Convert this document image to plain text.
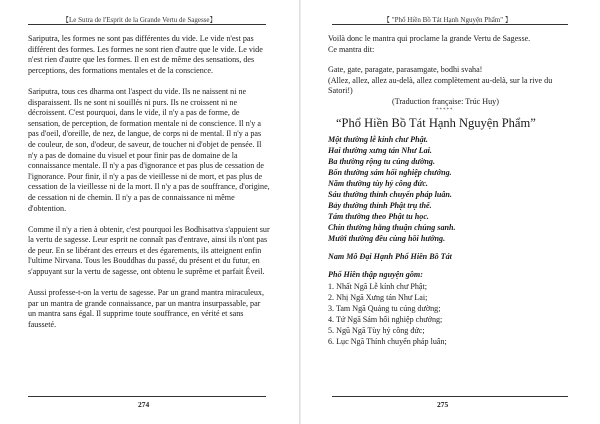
【Le Sutra de l'Esprit de la Grande Vertu de Sagesse】

Sariputra, les formes ne sont pas différentes du vide. Le vide n'est pas différent des formes. Les formes ne sont rien d'autre que le vide. Le vide n'est rien d'autre que les formes. Il en est de même des sensations, des perceptions, des formations mentales et de la conscience.

Sariputra, tous ces dharma ont l'aspect du vide. Ils ne naissent ni ne disparaissent. Ils ne sont ni souillés ni purs. Ils ne croissent ni ne décroissent. C'est pourquoi, dans le vide, il n'y a pas de forme, de sensation, de perception, de formation mentale ni de conscience. Il n'y a pas d'oeil, d'oreille, de nez, de langue, de corps ni de mental. Il n'y a pas de couleur, de son, d'odeur, de saveur, de toucher ni d'objet de pensée. Il n'y a pas de domaine du visuel et pour finir pas de domaine de la connaissance mentale. Il n'y a pas d'ignorance et pas plus de cessation de l'ignorance. Pour finir, il n'y a pas de vieillesse ni de mort, et pas plus de cessation de la vieillesse ni de la mort. Il n'y a pas de souffrance, d'origine, de cessation ni de chemin. Il n'y a pas de connaissance ni même d'obtention.

Comme il n'y a rien à obtenir, c'est pourquoi les Bodhisattva s'appuient sur la vertu de sagesse. Leur esprit ne connaît pas d'entrave, ainsi ils n'ont pas de peur. En se libérant des erreurs et des égarements, ils atteignent enfin l'ultime Nirvana. Tous les Bouddhas du passé, du présent et du futur, en s'appuyant sur la vertu de sagesse, ont obtenu le suprême et parfait Éveil.

Aussi professe-t-on la vertu de sagesse. Par un grand mantra miraculeux, par un mantra de grande connaissance, par un mantra insurpassable, par un mantra sans égal. Il supprime toute souffrance, en vérité et sans fausseté.

274
【 "Phổ Hiền Bồ Tát Hạnh Nguyện Phẩm" 】
Voilà donc le mantra qui proclame la grande Vertu de Sagesse.
Ce mantra dit:
Gate, gate, paragate, parasamgate, bodhi svaha!
(Allez, allez, allez au-delà, allez complètement au-delà, sur la rive du Satori!)
(Traduction française: Trúc Huy)
*****
“Phổ Hiền Bồ Tát Hạnh Nguyện Phẩm”
Một thường lễ kính chư Phật.
Hai thường xưng tán Như Lai.
Ba thường rộng tu cúng dường.
Bốn thường sám hối nghiệp chướng.
Năm thường tùy hỷ công đức.
Sáu thường thỉnh chuyển pháp luân.
Bảy thường thỉnh Phật trụ thế.
Tám thường theo Phật tu học.
Chín thường hằng thuận chúng sanh.
Mười thường đều cùng hồi hướng.
Nam Mô Đại Hạnh Phổ Hiền Bồ Tát
Phổ Hiền thập nguyện gồm:
1. Nhất Ngã Lễ kính chư Phật;
2. Nhị Ngã Xưng tán Như Lai;
3. Tam Ngã Quảng tu cúng dường;
4. Tứ Ngã Sám hối nghiệp chướng;
5. Ngũ Ngã Tùy hỷ công đức;
6. Lục Ngã Thỉnh chuyển pháp luân;
275
